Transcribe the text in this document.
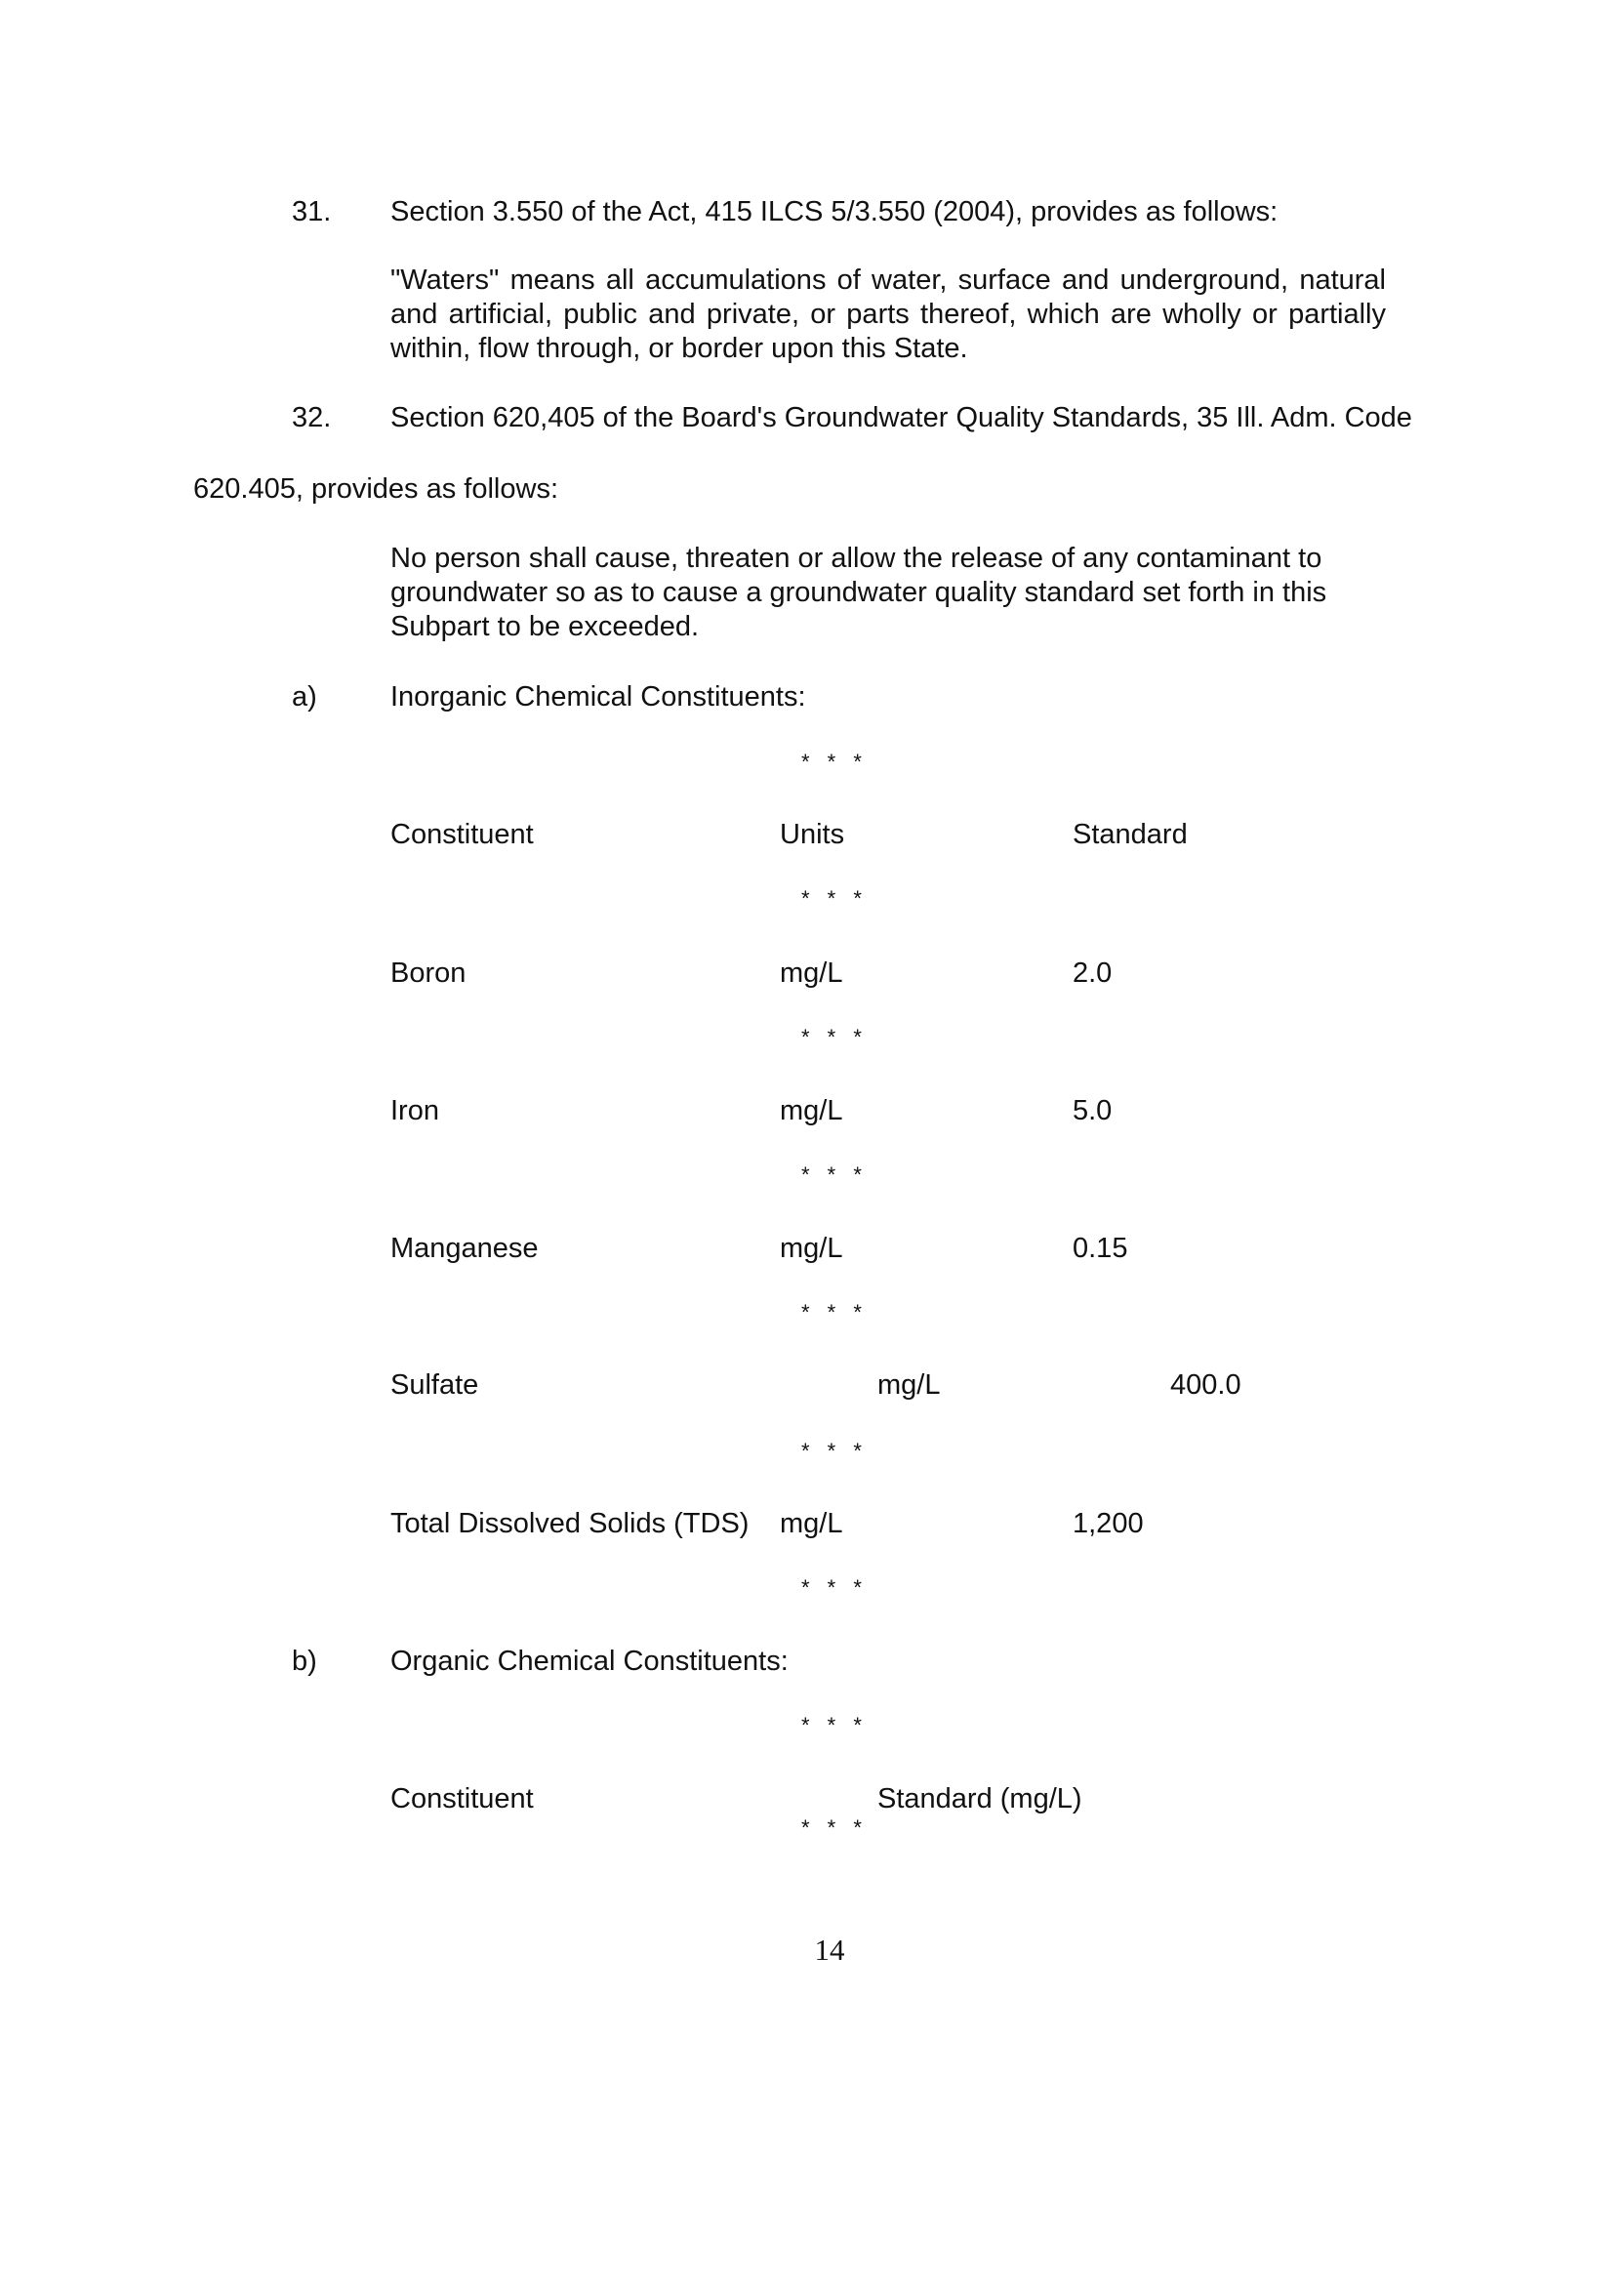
31. Section 3.550 of the Act, 415 ILCS 5/3.550 (2004), provides as follows:
"Waters" means all accumulations of water, surface and underground, natural and artificial, public and private, or parts thereof, which are wholly or partially within, flow through, or border upon this State.
32. Section 620,405 of the Board's Groundwater Quality Standards, 35 Ill. Adm. Code
620.405, provides as follows:
No person shall cause, threaten or allow the release of any contaminant to groundwater so as to cause a groundwater quality standard set forth in this Subpart to be exceeded.
a)	Inorganic Chemical Constituents:
* * *
Constituent	Units	Standard
* * *
Boron	mg/L	2.0
* * *
Iron	mg/L	5.0
* * *
Manganese	mg/L	0.15
* * *
Sulfate	mg/L	400.0
* * *
Total Dissolved Solids (TDS) mg/L	1,200
* * *
b)	Organic Chemical Constituents:
* * *
Constituent	Standard (mg/L)
* * *
14
